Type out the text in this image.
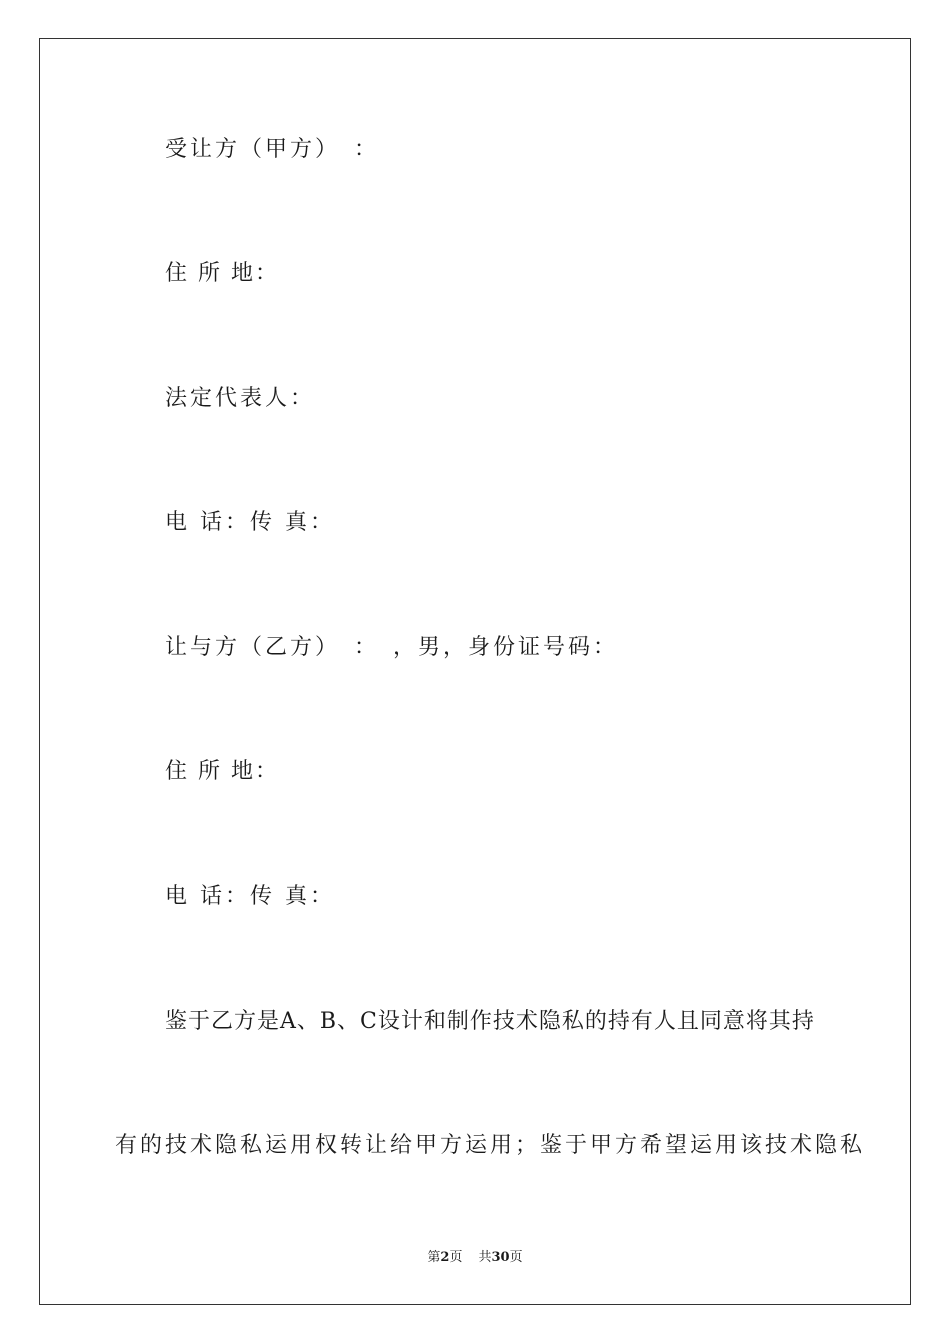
受让方（甲方）　：
住 所 地：
法定代表人：
电 话：传 真：
让与方（乙方）　：　，男，身份证号码：
住 所 地：
电 话：传 真：
鉴于乙方是A、B、C设计和制作技术隐私的持有人且同意将其持
有的技术隐私运用权转让给甲方运用；鉴于甲方希望运用该技术隐私
第2页 共30页
